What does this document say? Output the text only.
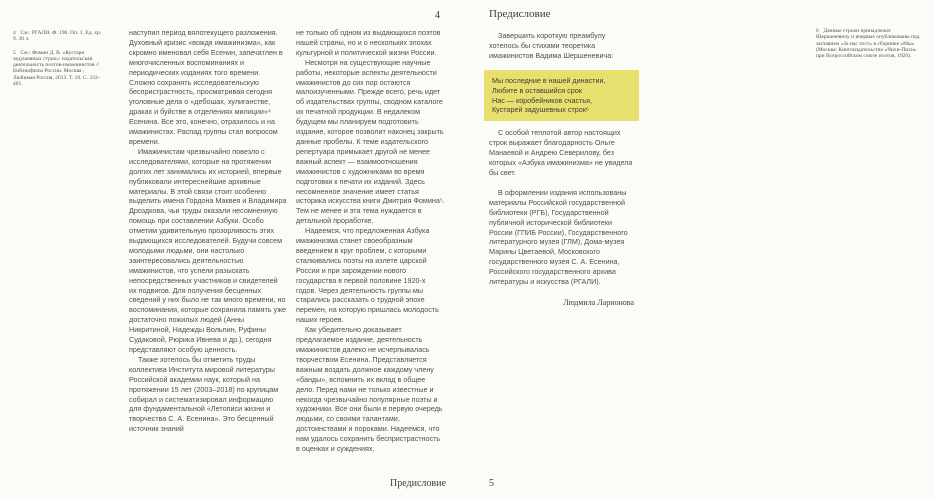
4  См.: РГАЛИ. Ф. 190. Оп. 1. Ед. хр. 9. 30 л.
5  См.: Фомин Д. В. «Кустари задушевных строк»: издательская деятельность поэтов-имажинистов // Библиофилы России. Москва : Любимая Россия, 2013. Т. 10. С. 333–401.
4

наступил период вялотекущего разложения. Духовный кризис «вождя имажинизма», как скромно именовал себя Есенин, запечатлен в многочисленных воспоминаниях и периодических изданиях того времени. Сложно сохранять исследовательскую беспристрастность, просматривая сегодня уголовные дела о «дебошах, хулиганстве, драках и буйстве в отделениях милиции»⁴ Есенина. Все это, конечно, отразилось и на имажинистах. Распад группы стал вопросом времени.

Имажинистам чрезвычайно повезло с исследователями, которые на протяжении долгих лет занимались их историей, впервые публиковали интереснейшие архивные материалы. В этой связи стоит особенно выделить имена Гордона Маквея и Владимира Дроздкова, чьи труды оказали несомненную помощь при составлении Азбуки. Особо отметим удивительную прозорливость этих выдающихся исследователей. Будучи совсем молодыми людьми, они настолько заинтересовались деятельностью имажинистов, что успели разыскать непосредственных участников и свидетелей их подвигов. Для получения бесценных сведений у них было не так много времени, но воспоминания, которые сохранила память уже достаточно пожилых людей (Анны Никритиной, Надежды Вольпин, Руфины Судаковой, Рюрика Ивнева и др.), сегодня представляют особую ценность.

Также хотелось бы отметить труды коллектива Института мировой литературы Российской академии наук, который на протяжении 15 лет (2003–2018) по крупицам собирал и систематизировал информацию для фундаментальной «Летописи жизни и творчества С. А. Есенина». Это бесценный источник знаний

не только об одном из выдающихся поэтов нашей страны, но и о нескольких эпохах культурной и политической жизни России.

Несмотря на существующие научные работы, некоторые аспекты деятельности имажинистов до сих пор остаются малоизученными. Прежде всего, речь идет об издательствах группы, сводном каталоге их печатной продукции. В недалеком будущем мы планируем подготовить издание, которое позволит наконец закрыть данные пробелы. К теме издательского репертуара примыкает другой не менее важный аспект — взаимоотношения имажинистов с художниками во время подготовки к печати их изданий. Здесь несомненное значение имеет статья историка искусства книги Дмитрия Фомина⁵. Тем не менее и эта тема нуждается в детальной проработке.

Надеемся, что предложенная Азбука имажинизма станет своеобразным введением в круг проблем, с которыми сталкивались поэты на излете царской России и при зарождении нового государства в первой половине 1920-х годов. Через деятельность группы мы старались рассказать о трудной эпохе перемен, на которую пришлась молодость наших героев.

Как убедительно доказывает предлагаемое издание, деятельность имажинистов далеко не исчерпывалась творчеством Есенина. Представляется важным воздать должное каждому члену «банды», вспомнить их вклад в общее дело. Перед нами не только известные и некогда чрезвычайно популярные поэты и художники. Все они были в первую очередь людьми, со своими талантами, достоинствами и пороками. Надеемся, что нам удалось сохранить беспристрастность в оценках и суждениях.

Предисловие
Предисловие

Завершить короткую преамбулу хотелось бы стихами теоретика имажинистов Вадима Шершеневича:

Мы последние в нашей династии,
Любите в оставшийся срок
Нас — коробейников счастья,
Кустарей задушевных строк⁶

С особой теплотой автор настоящих строк выражает благодарность Ольге Манаевой и Андрею Северилову, без которых «Азбука имажинизма» не увидела бы свет.

В оформлении издания использованы материалы Российской государственной библиотеки (РГБ), Государственной публичной исторической библиотеки России (ГПИБ России), Государственного литературного музея (ГЛМ), Дома-музея Марины Цветаевой, Московского государственного музея С. А. Есенина, Российского государственного архива литературы и искусства (РГАЛИ).

Людмила Ларионова
6  Данные строки принадлежат Шершеневичу и впервые опубликованы под заглавием «За нас тост» в сборнике «Мы» (Москва: Книгоиздательство «Чихи-Пихи» при Всероссийском союзе поэтов, 1920).
5
